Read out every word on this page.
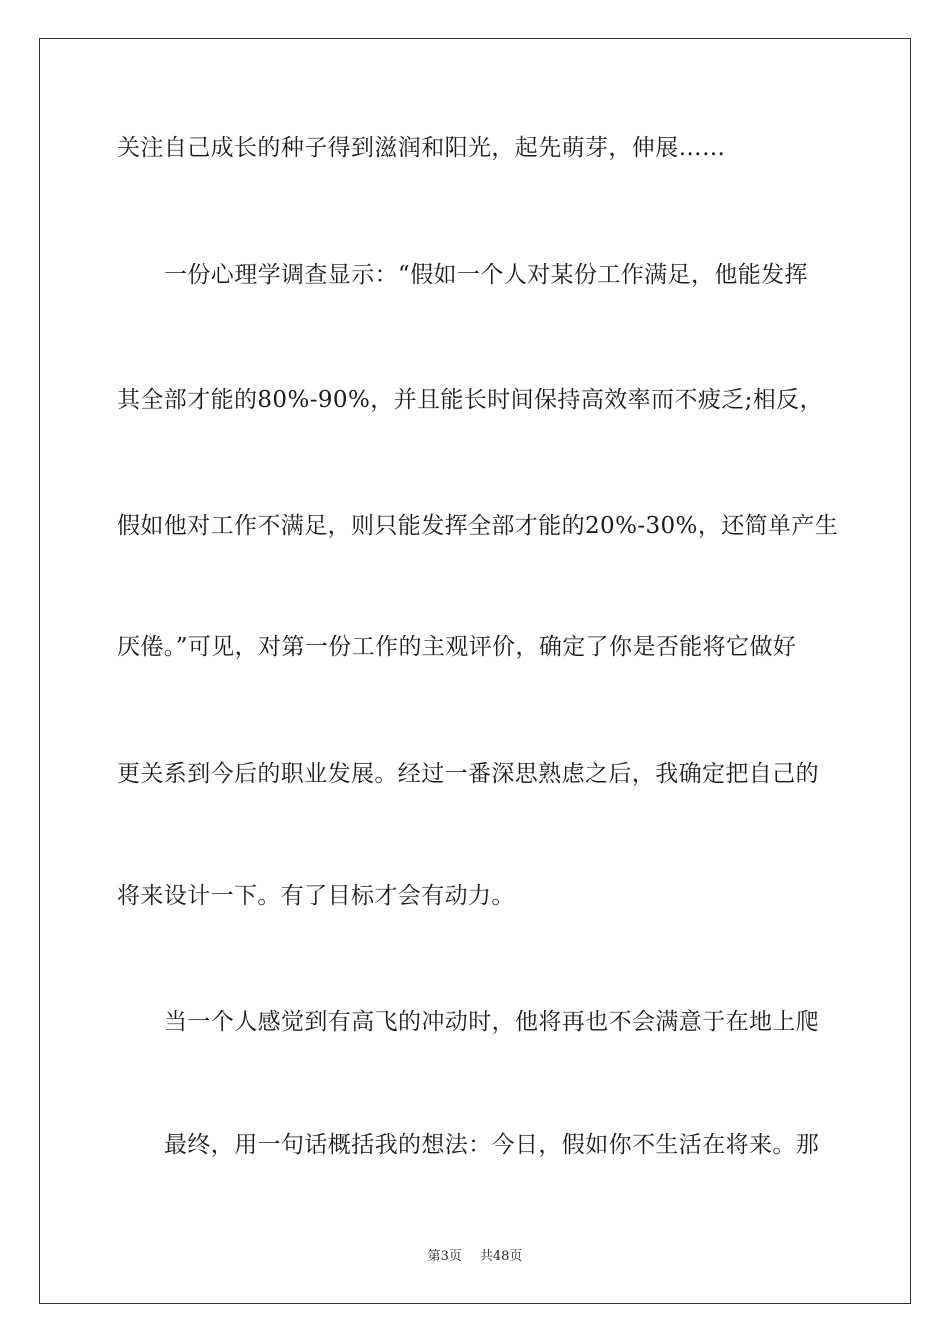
关注自己成长的种子得到滋润和阳光，起先萌芽，伸展……
一份心理学调查显示：“假如一个人对某份工作满足，他能发挥
其全部才能的80%-90%，并且能长时间保持高效率而不疲乏;相反，
假如他对工作不满足，则只能发挥全部才能的20%-30%，还简单产生
厌倦。”可见，对第一份工作的主观评价，确定了你是否能将它做好
更关系到今后的职业发展。经过一番深思熟虑之后，我确定把自己的
将来设计一下。有了目标才会有动力。
当一个人感觉到有高飞的冲动时，他将再也不会满意于在地上爬
最终，用一句话概括我的想法：今日，假如你不生活在将来。那
第3页 共48页
